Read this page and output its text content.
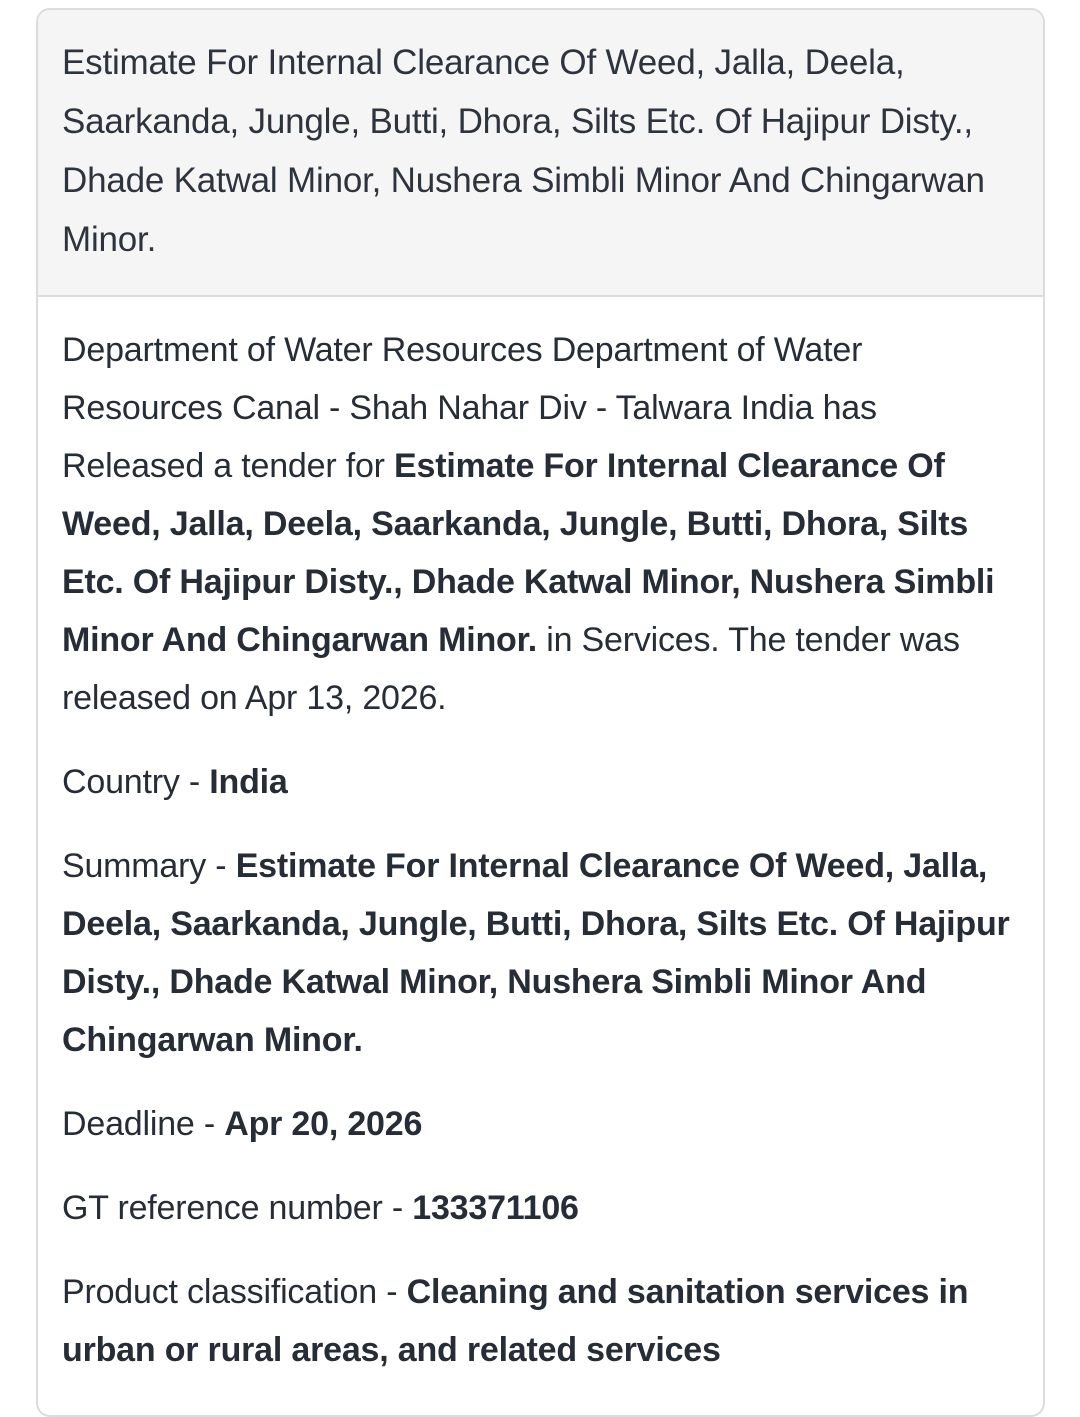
Estimate For Internal Clearance Of Weed, Jalla, Deela, Saarkanda, Jungle, Butti, Dhora, Silts Etc. Of Hajipur Disty., Dhade Katwal Minor, Nushera Simbli Minor And Chingarwan Minor.

Department of Water Resources Department of Water Resources Canal - Shah Nahar Div - Talwara India has Released a tender for Estimate For Internal Clearance Of Weed, Jalla, Deela, Saarkanda, Jungle, Butti, Dhora, Silts Etc. Of Hajipur Disty., Dhade Katwal Minor, Nushera Simbli Minor And Chingarwan Minor. in Services. The tender was released on Apr 13, 2026.

Country - India

Summary - Estimate For Internal Clearance Of Weed, Jalla, Deela, Saarkanda, Jungle, Butti, Dhora, Silts Etc. Of Hajipur Disty., Dhade Katwal Minor, Nushera Simbli Minor And Chingarwan Minor.

Deadline - Apr 20, 2026

GT reference number - 133371106

Product classification - Cleaning and sanitation services in urban or rural areas, and related services
